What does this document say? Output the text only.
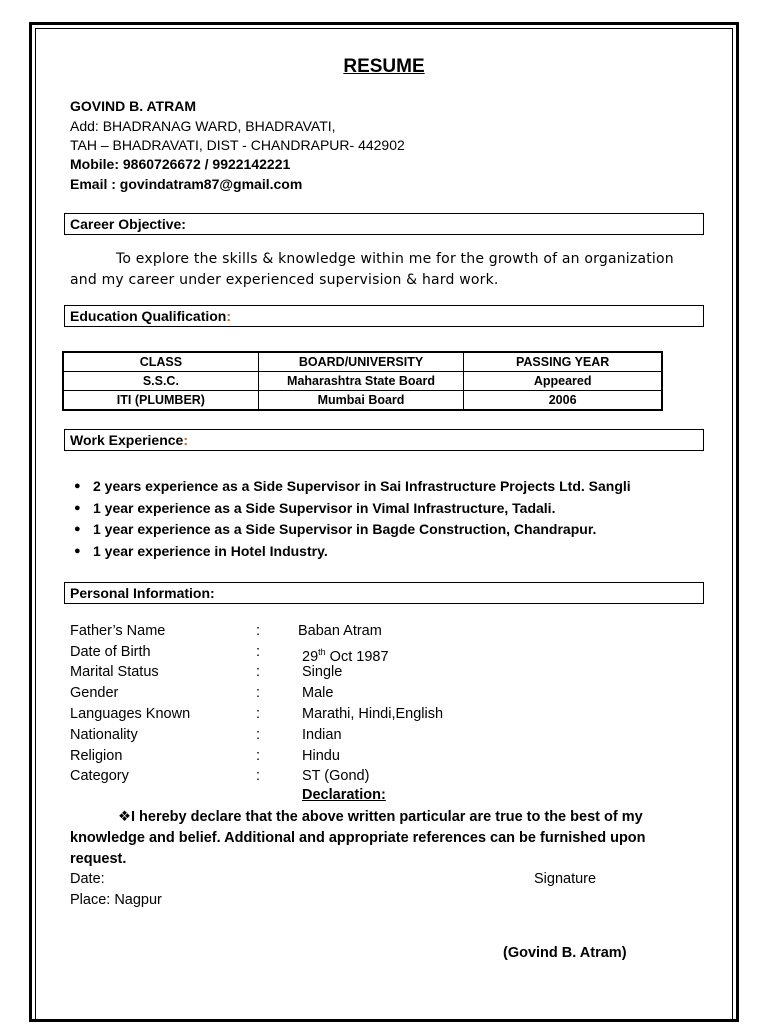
RESUME
GOVIND B. ATRAM
Add: BHADRANAG WARD, BHADRAVATI,
TAH – BHADRAVATI, DIST - CHANDRAPUR- 442902
Mobile: 9860726672 / 9922142221
Email : govindatram87@gmail.com
Career Objective:
To explore the skills & knowledge within me for the growth of an organization and my career under experienced supervision & hard work.
Education Qualification:
CLASS	BOARD/UNIVERSITY	PASSING YEAR
S.S.C.	Maharashtra State Board	Appeared
ITI (PLUMBER)	Mumbai Board	2006
Work Experience:
● 2 years experience as a Side Supervisor in Sai Infrastructure Projects Ltd. Sangli
● 1 year experience as a Side Supervisor in Vimal Infrastructure, Tadali.
● 1 year experience as a Side Supervisor in Bagde Construction, Chandrapur.
● 1 year experience in Hotel Industry.
Personal Information:
Father’s Name	:	Baban Atram
Date of Birth	:	29th Oct 1987
Marital Status	:	Single
Gender	:	Male
Languages Known	:	Marathi, Hindi,English
Nationality	:	Indian
Religion	:	Hindu
Category	:	ST (Gond)
Declaration:
❖I hereby declare that the above written particular are true to the best of my
knowledge and belief. Additional and appropriate references can be furnished upon request.
Date:
Place: Nagpur
Signature
(Govind B. Atram)
